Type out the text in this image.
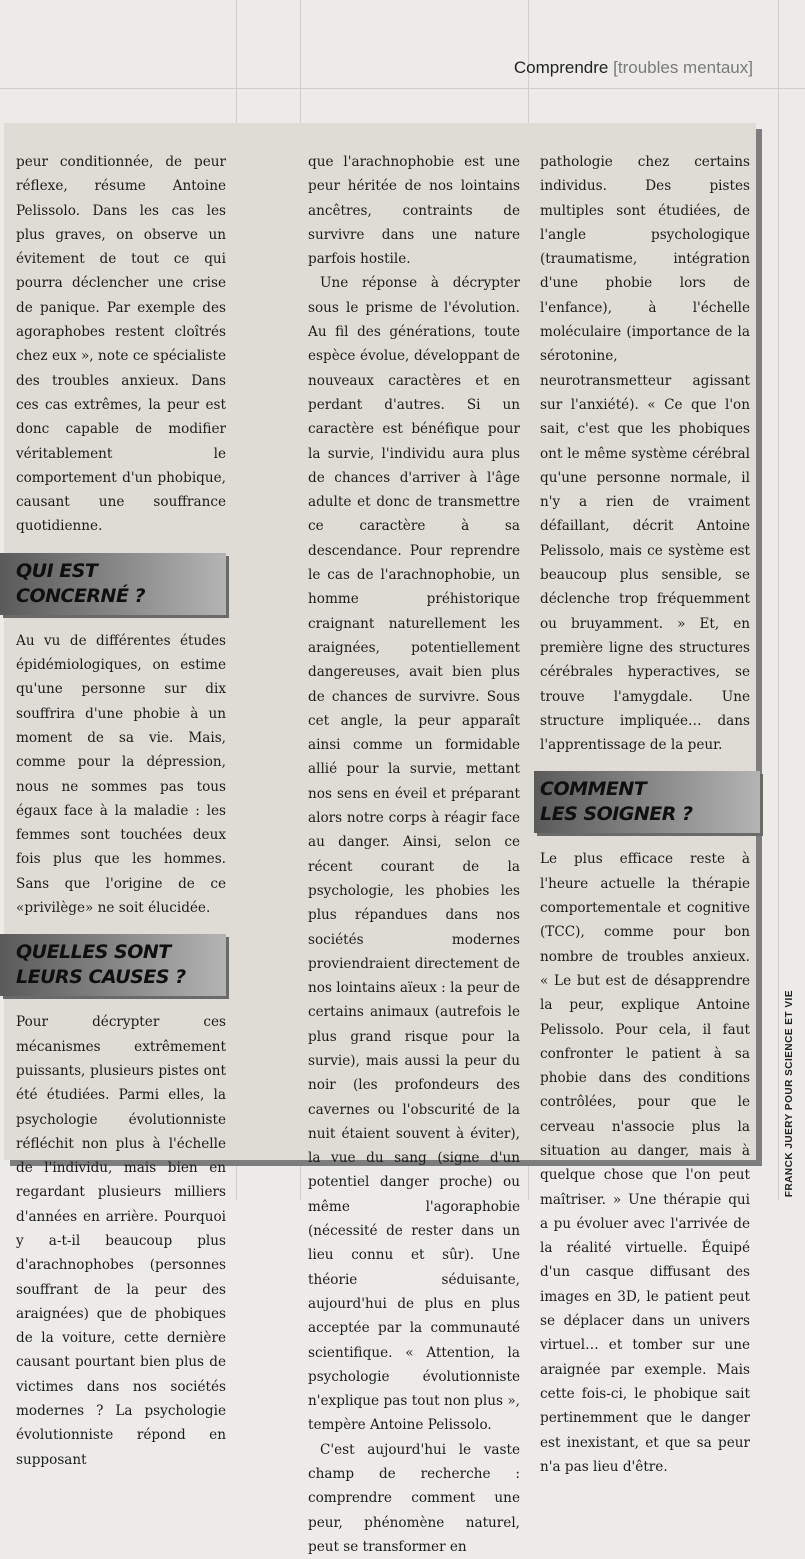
Comprendre [troubles mentaux]

peur conditionnée, de peur réflexe, résume Antoine Pelissolo. Dans les cas les plus graves, on observe un évitement de tout ce qui pourra déclencher une crise de panique. Par exemple des agoraphobes restent cloîtrés chez eux », note ce spécialiste des troubles anxieux. Dans ces cas extrêmes, la peur est donc capable de modifier véritablement le comportement d'un phobique, causant une souffrance quotidienne.

QUI EST
CONCERNÉ ?

Au vu de différentes études épidémiologiques, on estime qu'une personne sur dix souffrira d'une phobie à un moment de sa vie. Mais, comme pour la dépression, nous ne sommes pas tous égaux face à la maladie : les femmes sont touchées deux fois plus que les hommes. Sans que l'origine de ce «privilège» ne soit élucidée.

QUELLES SONT
LEURS CAUSES ?

Pour décrypter ces mécanismes extrêmement puissants, plusieurs pistes ont été étudiées. Parmi elles, la psychologie évolutionniste réfléchit non plus à l'échelle de l'individu, mais bien en regardant plusieurs milliers d'années en arrière. Pourquoi y a-t-il beaucoup plus d'arachnophobes (personnes souffrant de la peur des araignées) que de phobiques de la voiture, cette dernière causant pourtant bien plus de victimes dans nos sociétés modernes ? La psychologie évolutionniste répond en supposant

que l'arachnophobie est une peur héritée de nos lointains ancêtres, contraints de survivre dans une nature parfois hostile.

Une réponse à décrypter sous le prisme de l'évolution. Au fil des générations, toute espèce évolue, développant de nouveaux caractères et en perdant d'autres. Si un caractère est bénéfique pour la survie, l'individu aura plus de chances d'arriver à l'âge adulte et donc de transmettre ce caractère à sa descendance. Pour reprendre le cas de l'arachnophobie, un homme préhistorique craignant naturellement les araignées, potentiellement dangereuses, avait bien plus de chances de survivre. Sous cet angle, la peur apparaît ainsi comme un formidable allié pour la survie, mettant nos sens en éveil et préparant alors notre corps à réagir face au danger. Ainsi, selon ce récent courant de la psychologie, les phobies les plus répandues dans nos sociétés modernes proviendraient directement de nos lointains aïeux : la peur de certains animaux (autrefois le plus grand risque pour la survie), mais aussi la peur du noir (les profondeurs des cavernes ou l'obscurité de la nuit étaient souvent à éviter), la vue du sang (signe d'un potentiel danger proche) ou même l'agoraphobie (nécessité de rester dans un lieu connu et sûr). Une théorie séduisante, aujourd'hui de plus en plus acceptée par la communauté scientifique. « Attention, la psychologie évolutionniste n'explique pas tout non plus », tempère Antoine Pelissolo.

C'est aujourd'hui le vaste champ de recherche : comprendre comment une peur, phénomène naturel, peut se transformer en

pathologie chez certains individus. Des pistes multiples sont étudiées, de l'angle psychologique (traumatisme, intégration d'une phobie lors de l'enfance), à l'échelle moléculaire (importance de la sérotonine, neurotransmetteur agissant sur l'anxiété). « Ce que l'on sait, c'est que les phobiques ont le même système cérébral qu'une personne normale, il n'y a rien de vraiment défaillant, décrit Antoine Pelissolo, mais ce système est beaucoup plus sensible, se déclenche trop fréquemment ou bruyamment. » Et, en première ligne des structures cérébrales hyperactives, se trouve l'amygdale. Une structure impliquée… dans l'apprentissage de la peur.

COMMENT
LES SOIGNER ?

Le plus efficace reste à l'heure actuelle la thérapie comportementale et cognitive (TCC), comme pour bon nombre de troubles anxieux. « Le but est de désapprendre la peur, explique Antoine Pelissolo. Pour cela, il faut confronter le patient à sa phobie dans des conditions contrôlées, pour que le cerveau n'associe plus la situation au danger, mais à quelque chose que l'on peut maîtriser. » Une thérapie qui a pu évoluer avec l'arrivée de la réalité virtuelle. Équipé d'un casque diffusant des images en 3D, le patient peut se déplacer dans un univers virtuel… et tomber sur une araignée par exemple. Mais cette fois-ci, le phobique sait pertinemment que le danger est inexistant, et que sa peur n'a pas lieu d'être.

FRANCK JUERY POUR SCIENCE ET VIE
